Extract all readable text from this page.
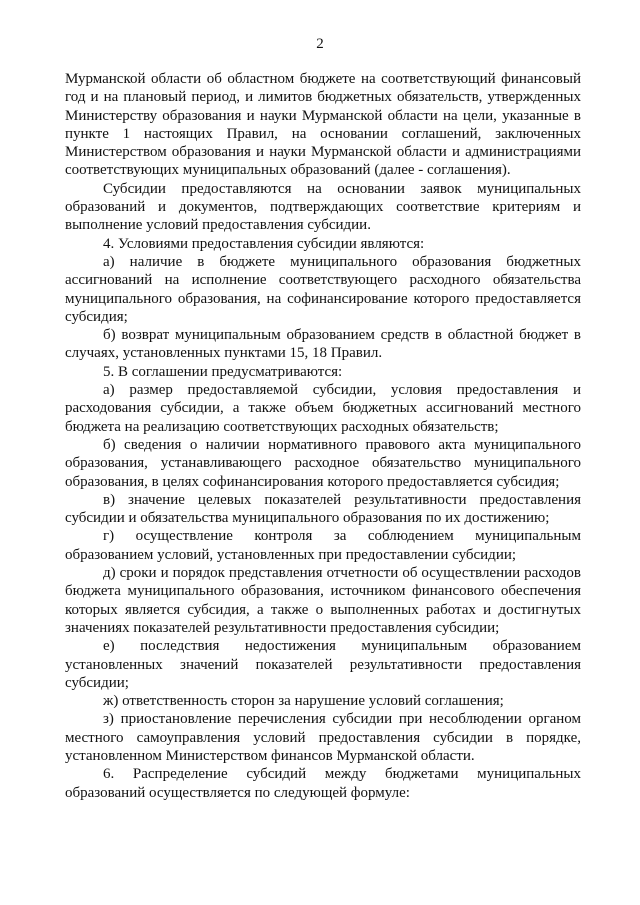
2

Мурманской области об областном бюджете на соответствующий финансовый год и на плановый период, и лимитов бюджетных обязательств, утвержденных Министерству образования и науки Мурманской области на цели, указанные в пункте 1 настоящих Правил, на основании соглашений, заключенных Министерством образования и науки Мурманской области и администрациями соответствующих муниципальных образований (далее - соглашения).

Субсидии предоставляются на основании заявок муниципальных образований и документов, подтверждающих соответствие критериям и выполнение условий предоставления субсидии.

4. Условиями предоставления субсидии являются:

а) наличие в бюджете муниципального образования бюджетных ассигнований на исполнение соответствующего расходного обязательства муниципального образования, на софинансирование которого предоставляется субсидия;

б) возврат муниципальным образованием средств в областной бюджет в случаях, установленных пунктами 15, 18 Правил.

5. В соглашении предусматриваются:

а) размер предоставляемой субсидии, условия предоставления и расходования субсидии, а также объем бюджетных ассигнований местного бюджета на реализацию соответствующих расходных обязательств;

б) сведения о наличии нормативного правового акта муниципального образования, устанавливающего расходное обязательство муниципального образования, в целях софинансирования которого предоставляется субсидия;

в) значение целевых показателей результативности предоставления субсидии и обязательства муниципального образования по их достижению;

г) осуществление контроля за соблюдением муниципальным образованием условий, установленных при предоставлении субсидии;

д) сроки и порядок представления отчетности об осуществлении расходов бюджета муниципального образования, источником финансового обеспечения которых является субсидия, а также о выполненных работах и достигнутых значениях показателей результативности предоставления субсидии;

е) последствия недостижения муниципальным образованием установленных значений показателей результативности предоставления субсидии;

ж) ответственность сторон за нарушение условий соглашения;

з) приостановление перечисления субсидии при несоблюдении органом местного самоуправления условий предоставления субсидии в порядке, установленном Министерством финансов Мурманской области.

6. Распределение субсидий между бюджетами муниципальных образований осуществляется по следующей формуле:
